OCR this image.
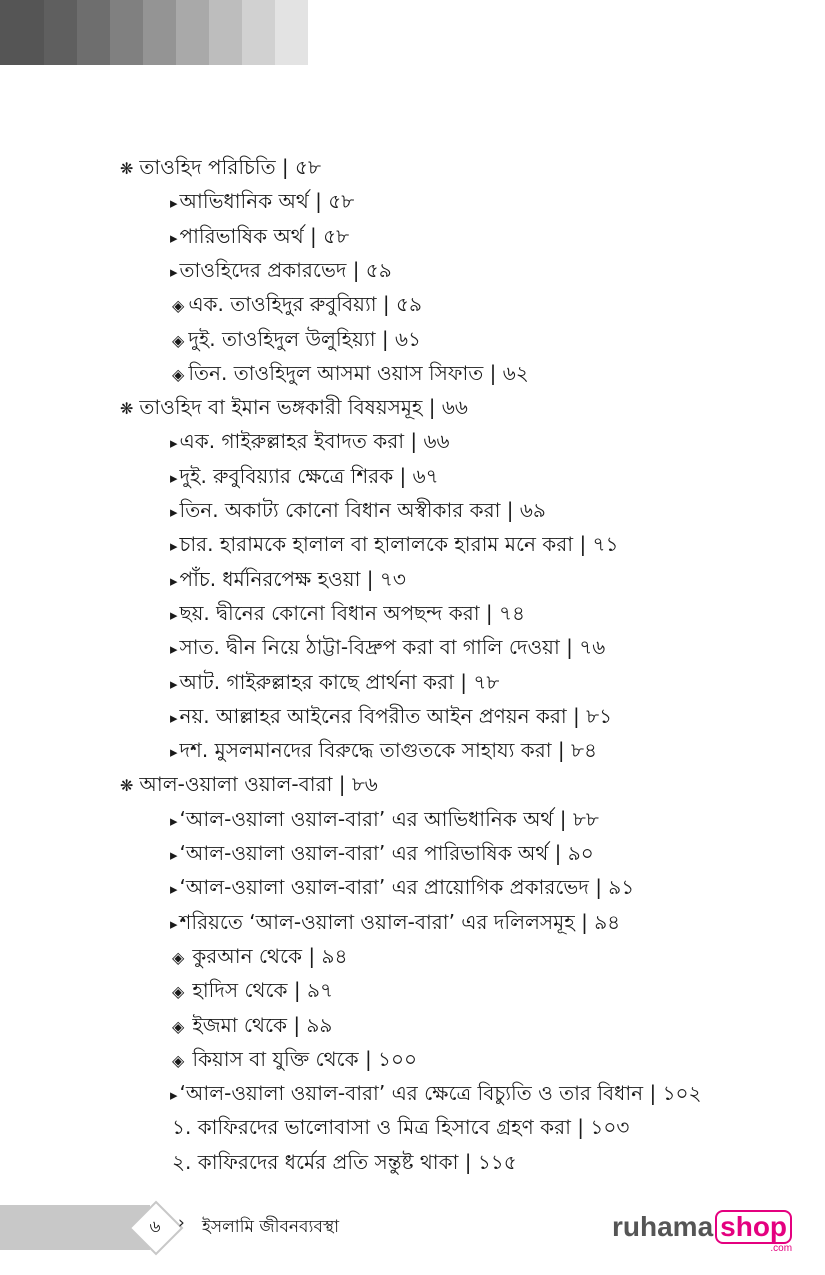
❋ তাওহিদ পরিচিতি | ৫৮
▸ আভিধানিক অর্থ | ৫৮
▸ পারিভাষিক অর্থ | ৫৮
▸ তাওহিদের প্রকারভেদ | ৫৯
◈ এক. তাওহিদুর রুবুবিয়্যা | ৫৯
◈ দুই. তাওহিদুল উলুহিয়্যা | ৬১
◈ তিন. তাওহিদুল আসমা ওয়াস সিফাত | ৬২
❋ তাওহিদ বা ইমান ভঙ্গকারী বিষয়সমূহ | ৬৬
▸ এক. গাইরুল্লাহর ইবাদত করা | ৬৬
▸ দুই. রুবুবিয়্যার ক্ষেত্রে শিরক | ৬৭
▸ তিন. অকাট্য কোনো বিধান অস্বীকার করা | ৬৯
▸ চার. হারামকে হালাল বা হালালকে হারাম মনে করা | ৭১
▸ পাঁচ. ধর্মনিরপেক্ষ হওয়া | ৭৩
▸ ছয়. দ্বীনের কোনো বিধান অপছন্দ করা | ৭৪
▸ সাত. দ্বীন নিয়ে ঠাট্টা-বিদ্রুপ করা বা গালি দেওয়া | ৭৬
▸ আট. গাইরুল্লাহর কাছে প্রার্থনা করা | ৭৮
▸ নয়. আল্লাহর আইনের বিপরীত আইন প্রণয়ন করা | ৮১
▸ দশ. মুসলমানদের বিরুদ্ধে তাগুতকে সাহায্য করা | ৮৪
❋ আল-ওয়ালা ওয়াল-বারা | ৮৬
▸ ‘আল-ওয়ালা ওয়াল-বারা’ এর আভিধানিক অর্থ | ৮৮
▸ ‘আল-ওয়ালা ওয়াল-বারা’ এর পারিভাষিক অর্থ | ৯০
▸ ‘আল-ওয়ালা ওয়াল-বারা’ এর প্রায়োগিক প্রকারভেদ | ৯১
▸ শরিয়তে ‘আল-ওয়ালা ওয়াল-বারা’ এর দলিলসমূহ | ৯৪
◈ কুরআন থেকে | ৯৪
◈ হাদিস থেকে | ৯৭
◈ ইজমা থেকে | ৯৯
◈ কিয়াস বা যুক্তি থেকে | ১০০
▸ ‘আল-ওয়ালা ওয়াল-বারা’ এর ক্ষেত্রে বিচ্যুতি ও তার বিধান | ১০২
১. কাফিরদের ভালোবাসা ও মিত্র হিসাবে গ্রহণ করা | ১০৩
২. কাফিরদের ধর্মের প্রতি সন্তুষ্ট থাকা | ১১৫
৬	› ইসলামি জীবনব্যবস্থা	ruhama shop
.com
